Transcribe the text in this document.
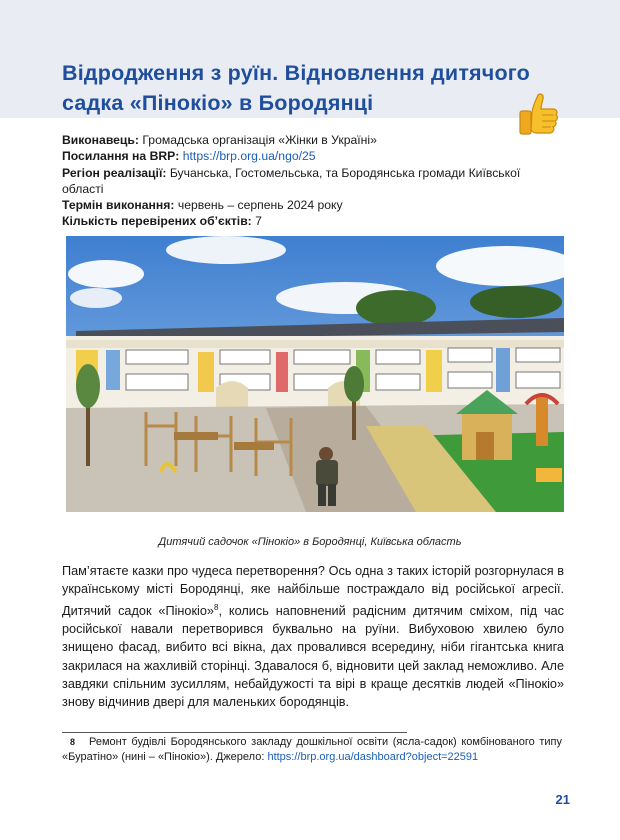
Відродження з руїн. Відновлення дитячого садка «Пінокіо» в Бородянці

Виконавець: Громадська організація «Жінки в Україні»

Посилання на BRP: https://brp.org.ua/ngo/25

Регіон реалізації: Бучанська, Гостомельська, та Бородянська громади Київської області

Термін виконання: червень – серпень 2024 року

Кількість перевірених об’єктів: 7

Дитячий садочок «Пінокіо» в Бородянці, Київська область

Пам’ятаєте казки про чудеса перетворення? Ось одна з таких історій розгорнулася в українському місті Бородянці, яке найбільше постраждало від російської агресії. Дитячий садок «Пінокіо»$^8$, колись наповнений радісним дитячим сміхом, під час російської навали перетворився буквально на руїни. Вибуховою хвилею було знищено фасад, вибито всі вікна, дах провалився всередину, ніби гігантська книга закрилася на жахливій сторінці. Здавалося б, відновити цей заклад неможливо. Але завдяки спільним зусиллям, небайдужості та вірі в краще десятків людей «Пінокіо» знову відчинив двері для маленьких бородянців.

8 Ремонт будівлі Бородянського закладу дошкільної освіти (ясла-садок) комбінованого типу «Буратіно» (нині – «Пінокіо»). Джерело: https://brp.org.ua/dashboard?object=22591

21
